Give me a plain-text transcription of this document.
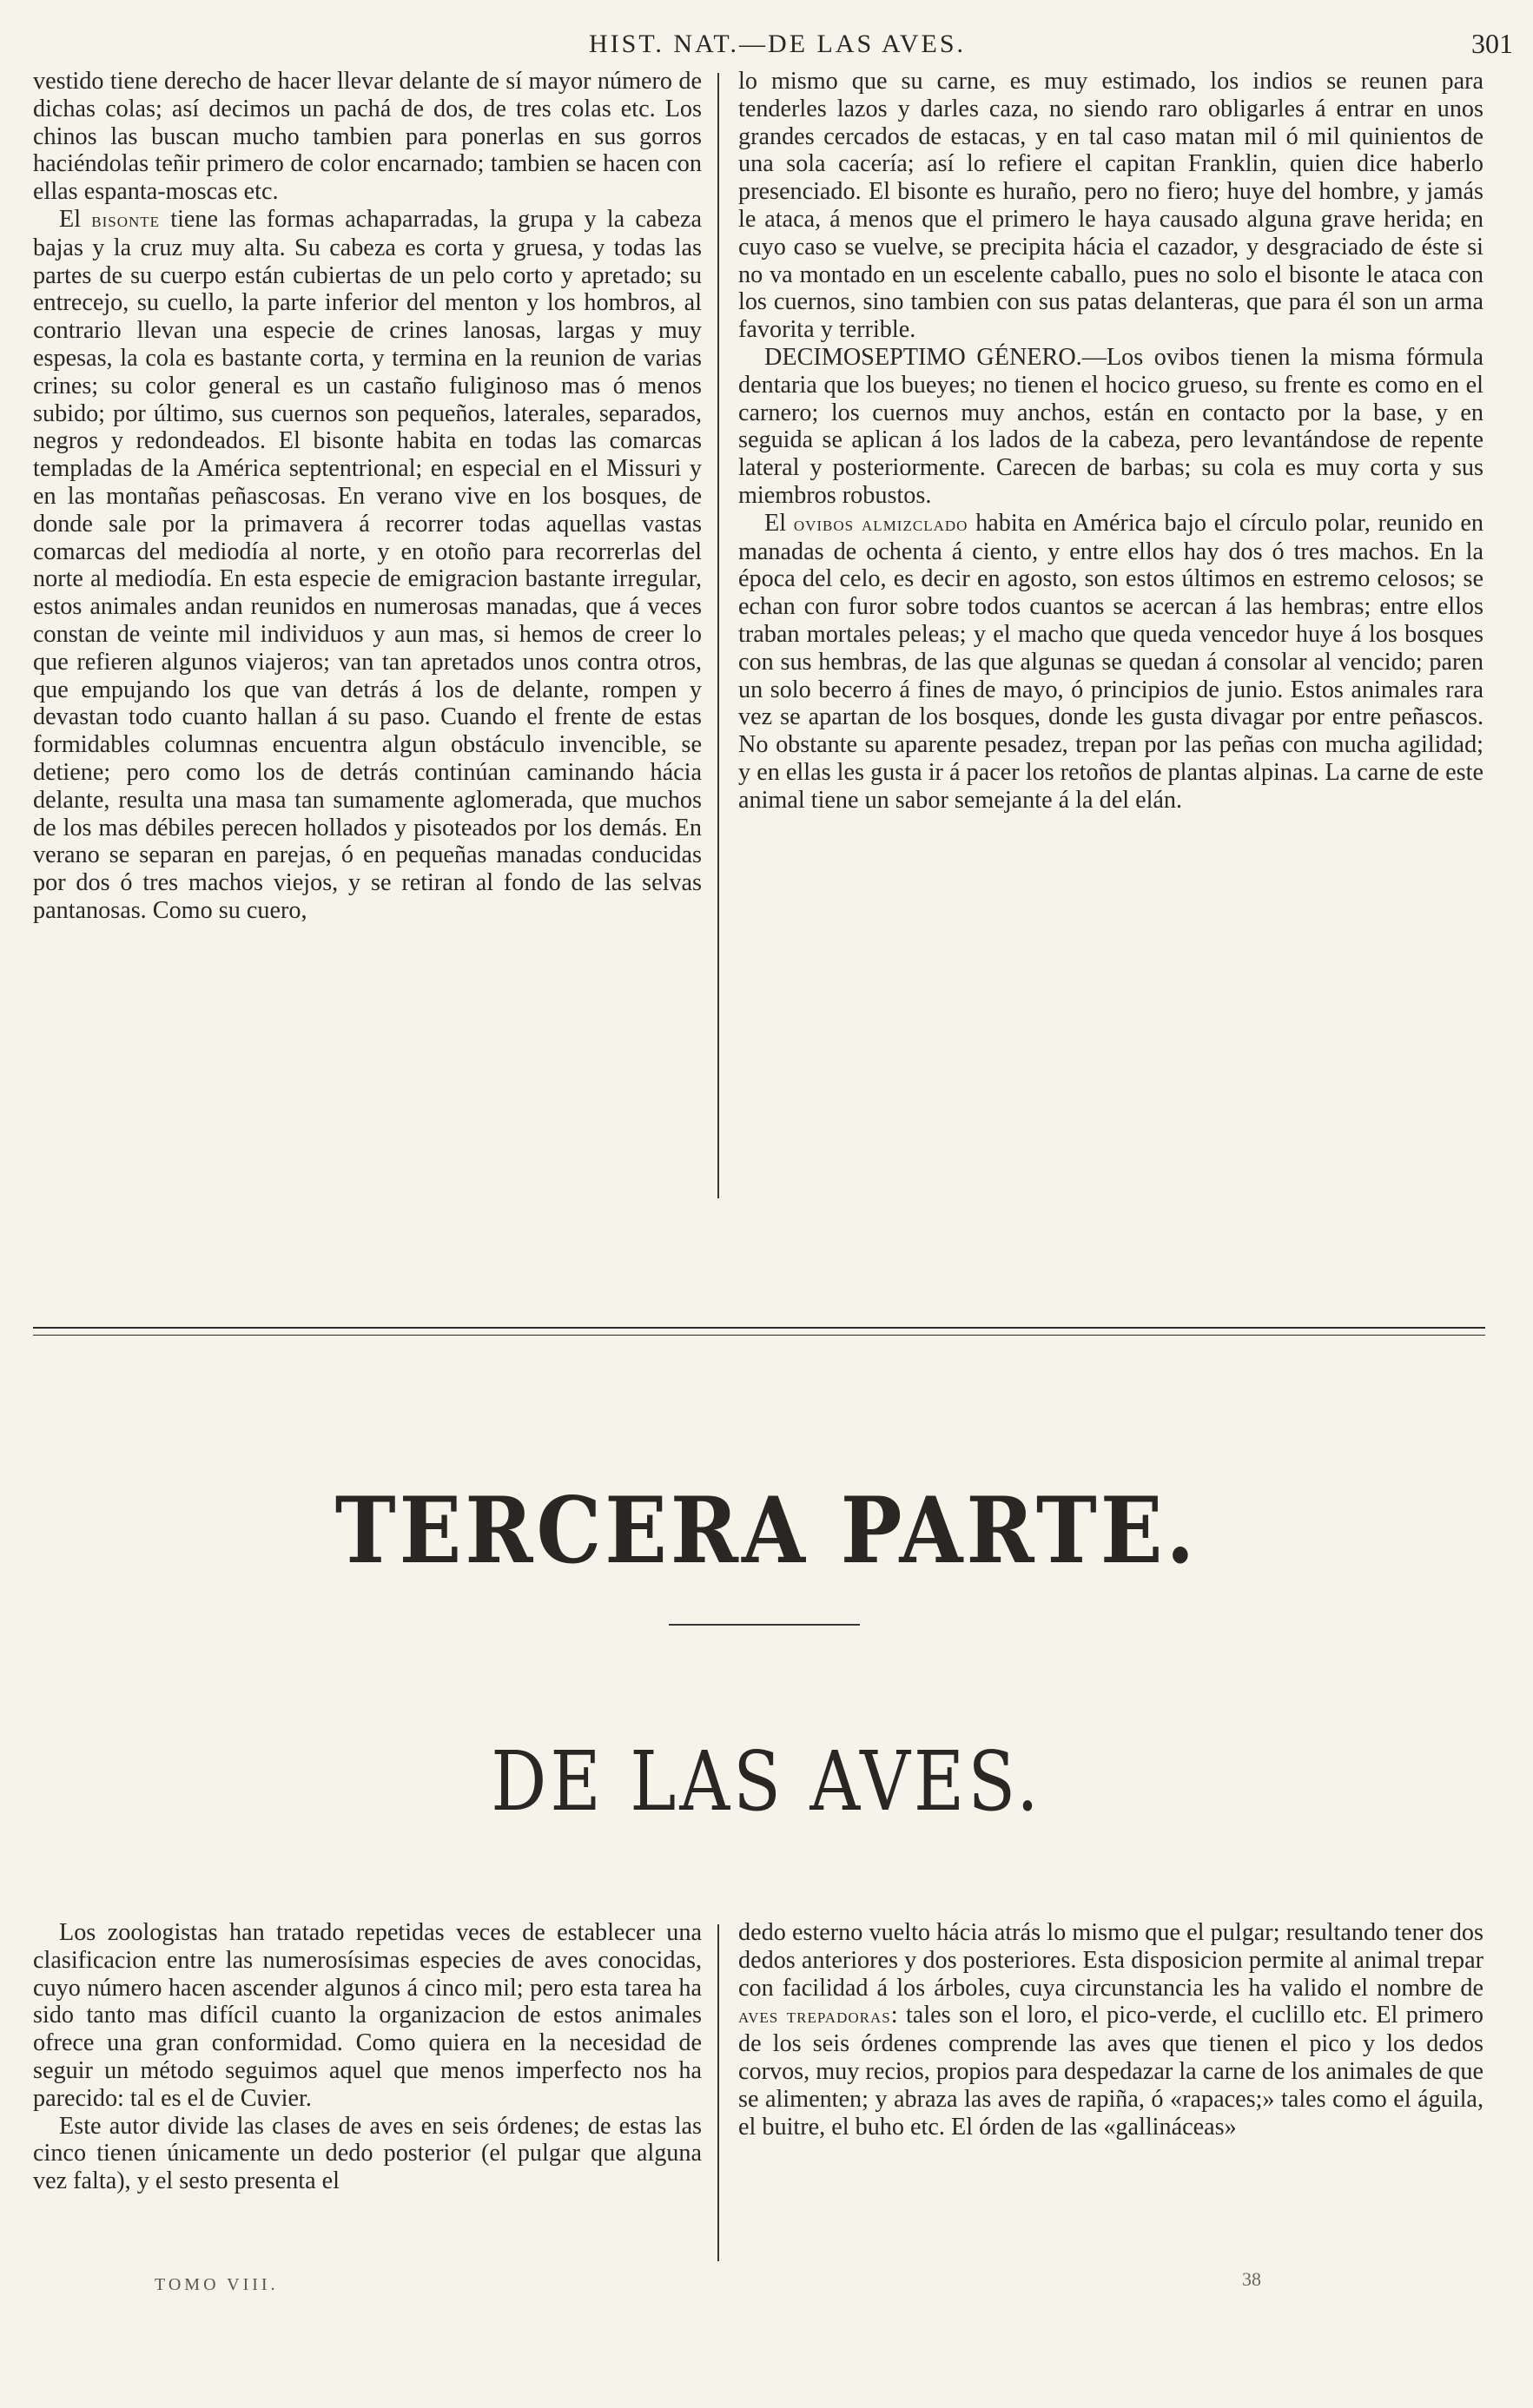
HIST. NAT.—DE LAS AVES.	301

vestido tiene derecho de hacer llevar delante de sí mayor número de dichas colas; así decimos un pachá de dos, de tres colas etc. Los chinos las buscan mucho tambien para ponerlas en sus gorros haciéndolas teñir primero de color encarnado; tambien se hacen con ellas espanta-moscas etc.

El bisonte tiene las formas achaparradas, la grupa y la cabeza bajas y la cruz muy alta. Su cabeza es corta y gruesa, y todas las partes de su cuerpo están cubiertas de un pelo corto y apretado; su entrecejo, su cuello, la parte inferior del menton y los hombros, al contrario llevan una especie de crines lanosas, largas y muy espesas, la cola es bastante corta, y termina en la reunion de varias crines; su color general es un castaño fuliginoso mas ó menos subido; por último, sus cuernos son pequeños, laterales, separados, negros y redondeados. El bisonte habita en todas las comarcas templadas de la América septentrional; en especial en el Missuri y en las montañas peñascosas. En verano vive en los bosques, de donde sale por la primavera á recorrer todas aquellas vastas comarcas del mediodía al norte, y en otoño para recorrerlas del norte al mediodía. En esta especie de emigracion bastante irregular, estos animales andan reunidos en numerosas manadas, que á veces constan de veinte mil individuos y aun mas, si hemos de creer lo que refieren algunos viajeros; van tan apretados unos contra otros, que empujando los que van detrás á los de delante, rompen y devastan todo cuanto hallan á su paso. Cuando el frente de estas formidables columnas encuentra algun obstáculo invencible, se detiene; pero como los de detrás continúan caminando hácia delante, resulta una masa tan sumamente aglomerada, que muchos de los mas débiles perecen hollados y pisoteados por los demás. En verano se separan en parejas, ó en pequeñas manadas conducidas por dos ó tres machos viejos, y se retiran al fondo de las selvas pantanosas. Como su cuero,

lo mismo que su carne, es muy estimado, los indios se reunen para tenderles lazos y darles caza, no siendo raro obligarles á entrar en unos grandes cercados de estacas, y en tal caso matan mil ó mil quinientos de una sola cacería; así lo refiere el capitan Franklin, quien dice haberlo presenciado. El bisonte es huraño, pero no fiero; huye del hombre, y jamás le ataca, á menos que el primero le haya causado alguna grave herida; en cuyo caso se vuelve, se precipita hácia el cazador, y desgraciado de éste si no va montado en un escelente caballo, pues no solo el bisonte le ataca con los cuernos, sino tambien con sus patas delanteras, que para él son un arma favorita y terrible.

DECIMOSEPTIMO GÉNERO.—Los ovibos tienen la misma fórmula dentaria que los bueyes; no tienen el hocico grueso, su frente es como en el carnero; los cuernos muy anchos, están en contacto por la base, y en seguida se aplican á los lados de la cabeza, pero levantándose de repente lateral y posteriormente. Carecen de barbas; su cola es muy corta y sus miembros robustos.

El ovibos almizclado habita en América bajo el círculo polar, reunido en manadas de ochenta á ciento, y entre ellos hay dos ó tres machos. En la época del celo, es decir en agosto, son estos últimos en estremo celosos; se echan con furor sobre todos cuantos se acercan á las hembras; entre ellos traban mortales peleas; y el macho que queda vencedor huye á los bosques con sus hembras, de las que algunas se quedan á consolar al vencido; paren un solo becerro á fines de mayo, ó principios de junio. Estos animales rara vez se apartan de los bosques, donde les gusta divagar por entre peñascos. No obstante su aparente pesadez, trepan por las peñas con mucha agilidad; y en ellas les gusta ir á pacer los retoños de plantas alpinas. La carne de este animal tiene un sabor semejante á la del elán.

TERCERA PARTE.
DE LAS AVES.

Los zoologistas han tratado repetidas veces de establecer una clasificacion entre las numerosísimas especies de aves conocidas, cuyo número hacen ascender algunos á cinco mil; pero esta tarea ha sido tanto mas difícil cuanto la organizacion de estos animales ofrece una gran conformidad. Como quiera en la necesidad de seguir un método seguimos aquel que menos imperfecto nos ha parecido: tal es el de Cuvier.

Este autor divide las clases de aves en seis órdenes; de estas las cinco tienen únicamente un dedo posterior (el pulgar que alguna vez falta), y el sesto presenta el

dedo esterno vuelto hácia atrás lo mismo que el pulgar; resultando tener dos dedos anteriores y dos posteriores. Esta disposicion permite al animal trepar con facilidad á los árboles, cuya circunstancia les ha valido el nombre de aves trepadoras: tales son el loro, el pico-verde, el cuclillo etc. El primero de los seis órdenes comprende las aves que tienen el pico y los dedos corvos, muy recios, propios para despedazar la carne de los animales de que se alimenten; y abraza las aves de rapiña, ó «rapaces;» tales como el águila, el buitre, el buho etc. El órden de las «gallináceas»

TOMO VIII.	38
